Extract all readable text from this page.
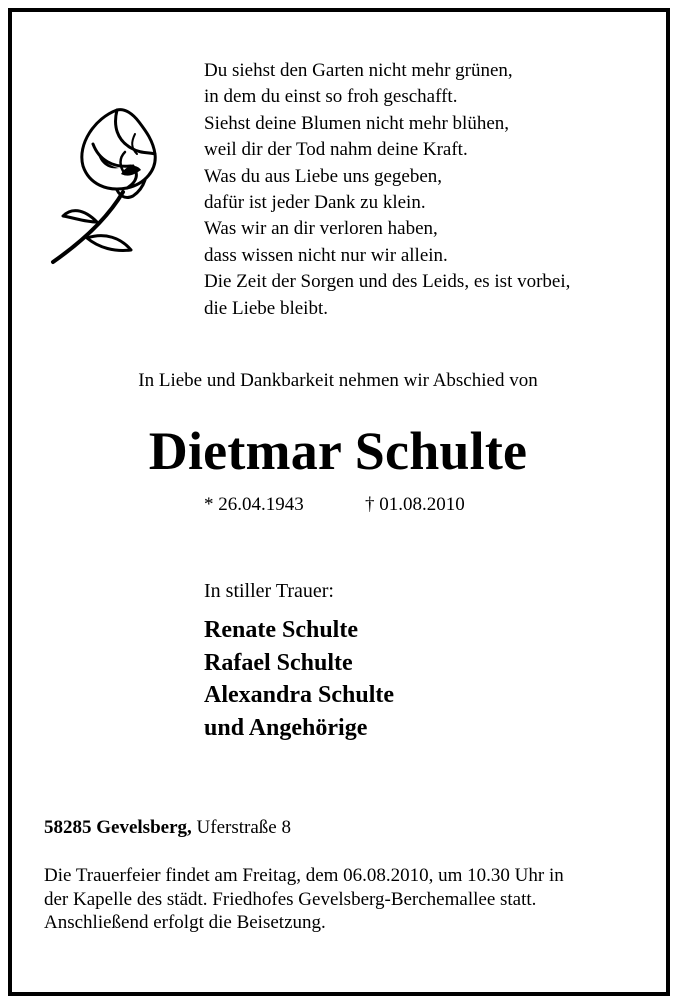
Du siehst den Garten nicht mehr grünen,
in dem du einst so froh geschafft.
Siehst deine Blumen nicht mehr blühen,
weil dir der Tod nahm deine Kraft.
Was du aus Liebe uns gegeben,
dafür ist jeder Dank zu klein.
Was wir an dir verloren haben,
dass wissen nicht nur wir allein.
Die Zeit der Sorgen und des Leids, es ist vorbei,
die Liebe bleibt.
In Liebe und Dankbarkeit nehmen wir Abschied von
Dietmar Schulte
* 26.04.1943	† 01.08.2010
In stiller Trauer:
Renate Schulte
Rafael Schulte
Alexandra Schulte
und Angehörige
58285 Gevelsberg, Uferstraße 8
Die Trauerfeier findet am Freitag, dem 06.08.2010, um 10.30 Uhr in
der Kapelle des städt. Friedhofes Gevelsberg-Berchemallee statt.
Anschließend erfolgt die Beisetzung.
